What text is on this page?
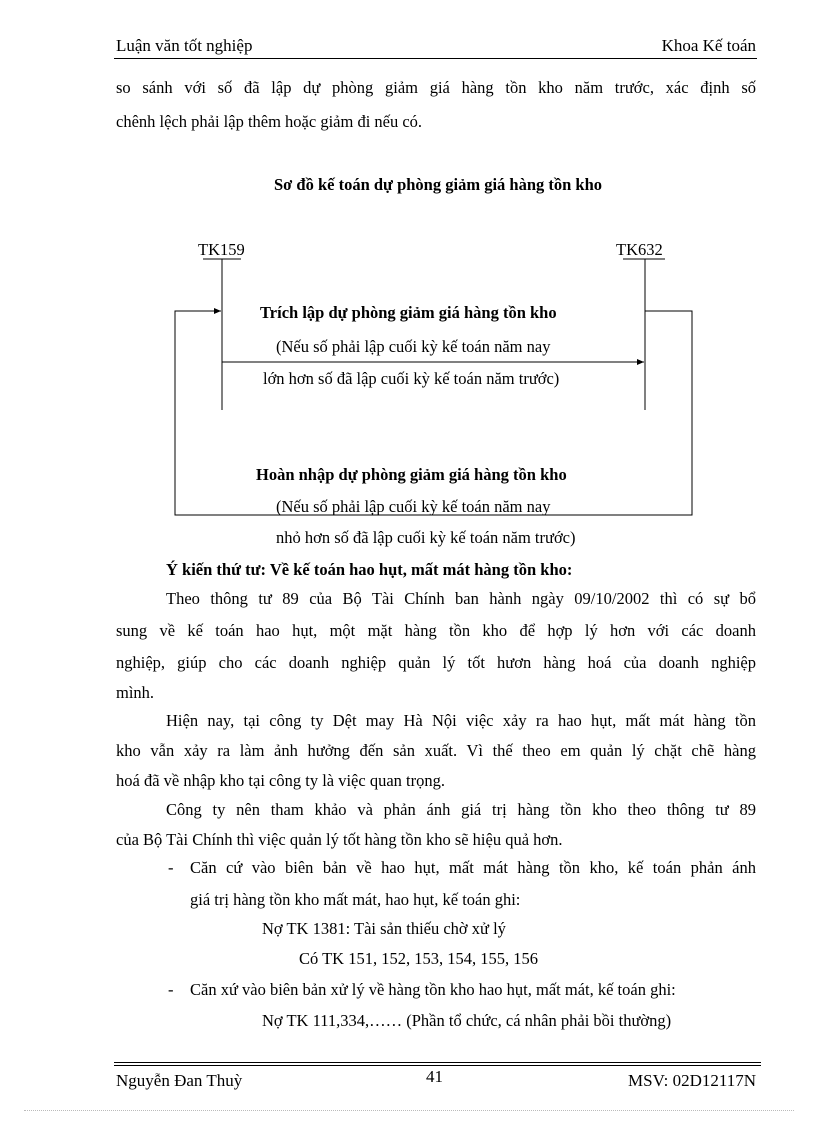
Luận văn tốt nghiệp	Khoa Kế toán
so sánh với số đã lập dự phòng giảm giá hàng tồn kho năm trước, xác định số
chênh lệch phải lập thêm hoặc giảm đi nếu có.
Sơ đồ kế toán dự phòng giảm giá hàng tồn kho
TK159	TK632
Trích lập dự phòng giảm giá hàng tồn kho
(Nếu số phải lập cuối kỳ kế toán năm nay
lớn hơn số đã lập cuối kỳ kế toán năm trước)
Hoàn nhập dự phòng giảm giá hàng tồn kho
(Nếu số phải lập cuối kỳ kế toán năm nay
nhỏ hơn số đã lập cuối kỳ kế toán năm trước)
Ý kiến thứ tư: Về kế toán hao hụt, mất mát hàng tồn kho:
Theo thông tư 89 của Bộ Tài Chính ban hành ngày 09/10/2002 thì có sự bổ
sung về kế toán hao hụt, một mặt hàng tồn kho để hợp lý hơn với các doanh
nghiệp, giúp cho các doanh nghiệp quản lý tốt hươn hàng hoá của doanh nghiệp
mình.
Hiện nay, tại công ty Dệt may Hà Nội việc xảy ra hao hụt, mất mát hàng tồn
kho vẫn xảy ra làm ảnh hưởng đến sản xuất. Vì thế theo em quản lý chặt chẽ hàng
hoá đã về nhập kho tại công ty là việc quan trọng.
Công ty nên tham khảo và phản ánh giá trị hàng tồn kho theo thông tư 89
của Bộ Tài Chính thì việc quản lý tốt hàng tồn kho sẽ hiệu quả hơn.
- Căn cứ vào biên bản về hao hụt, mất mát hàng tồn kho, kế toán phản ánh
giá trị hàng tồn kho mất mát, hao hụt, kế toán ghi:
Nợ TK 1381: Tài sản thiếu chờ xử lý
Có TK 151, 152, 153, 154, 155, 156
- Căn xứ vào biên bản xử lý về hàng tồn kho hao hụt, mất mát, kế toán ghi:
Nợ TK 111,334,…… (Phần tổ chức, cá nhân phải bồi thường)
Nguyễn Đan Thuỳ	41	MSV: 02D12117N
